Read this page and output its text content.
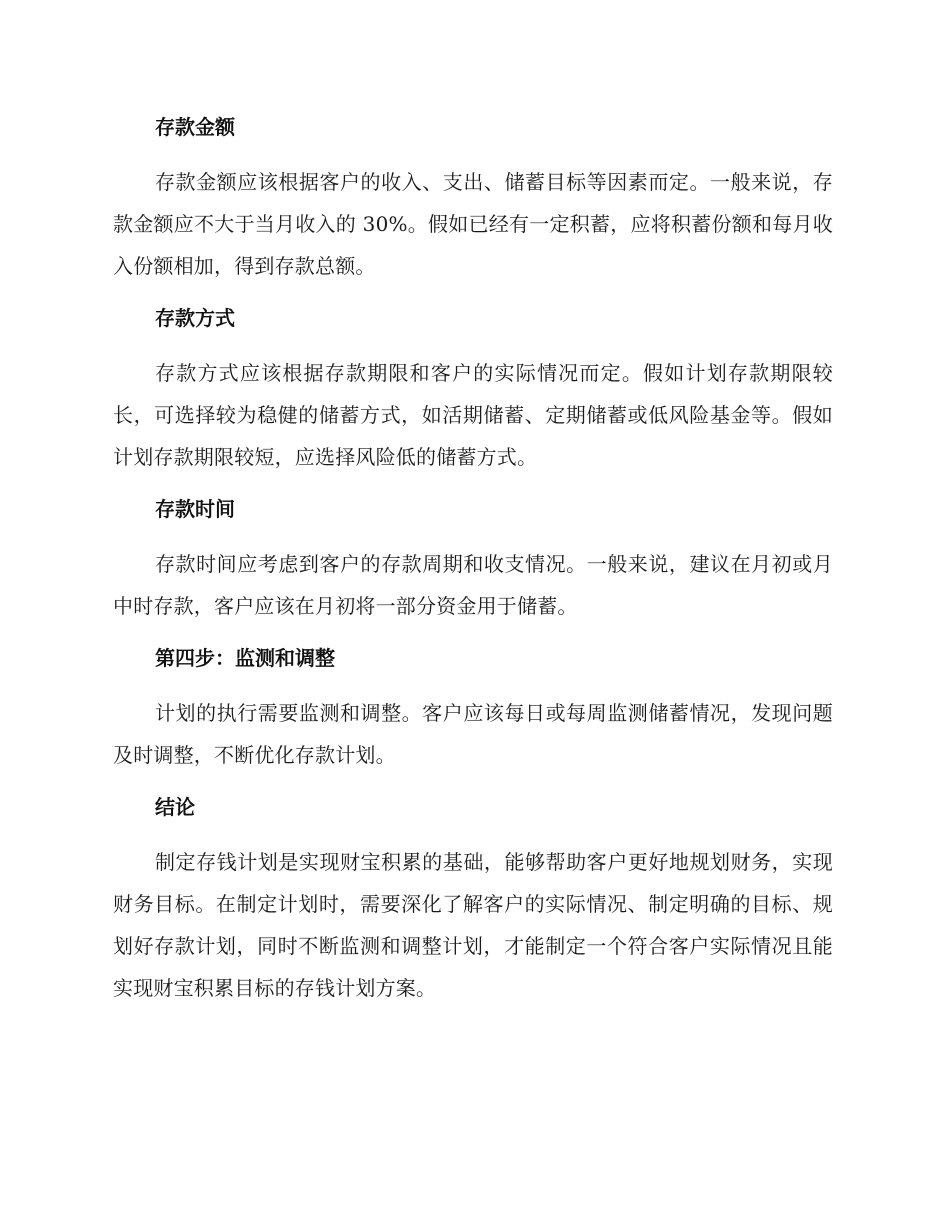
存款金额

存款金额应该根据客户的收入、支出、储蓄目标等因素而定。一般来说，存款金额应不大于当月收入的 30%。假如已经有一定积蓄，应将积蓄份额和每月收入份额相加，得到存款总额。

存款方式

存款方式应该根据存款期限和客户的实际情况而定。假如计划存款期限较长，可选择较为稳健的储蓄方式，如活期储蓄、定期储蓄或低风险基金等。假如计划存款期限较短，应选择风险低的储蓄方式。

存款时间

存款时间应考虑到客户的存款周期和收支情况。一般来说，建议在月初或月中时存款，客户应该在月初将一部分资金用于储蓄。

第四步：监测和调整

计划的执行需要监测和调整。客户应该每日或每周监测储蓄情况，发现问题及时调整，不断优化存款计划。

结论

制定存钱计划是实现财宝积累的基础，能够帮助客户更好地规划财务，实现财务目标。在制定计划时，需要深化了解客户的实际情况、制定明确的目标、规划好存款计划，同时不断监测和调整计划，才能制定一个符合客户实际情况且能实现财宝积累目标的存钱计划方案。
